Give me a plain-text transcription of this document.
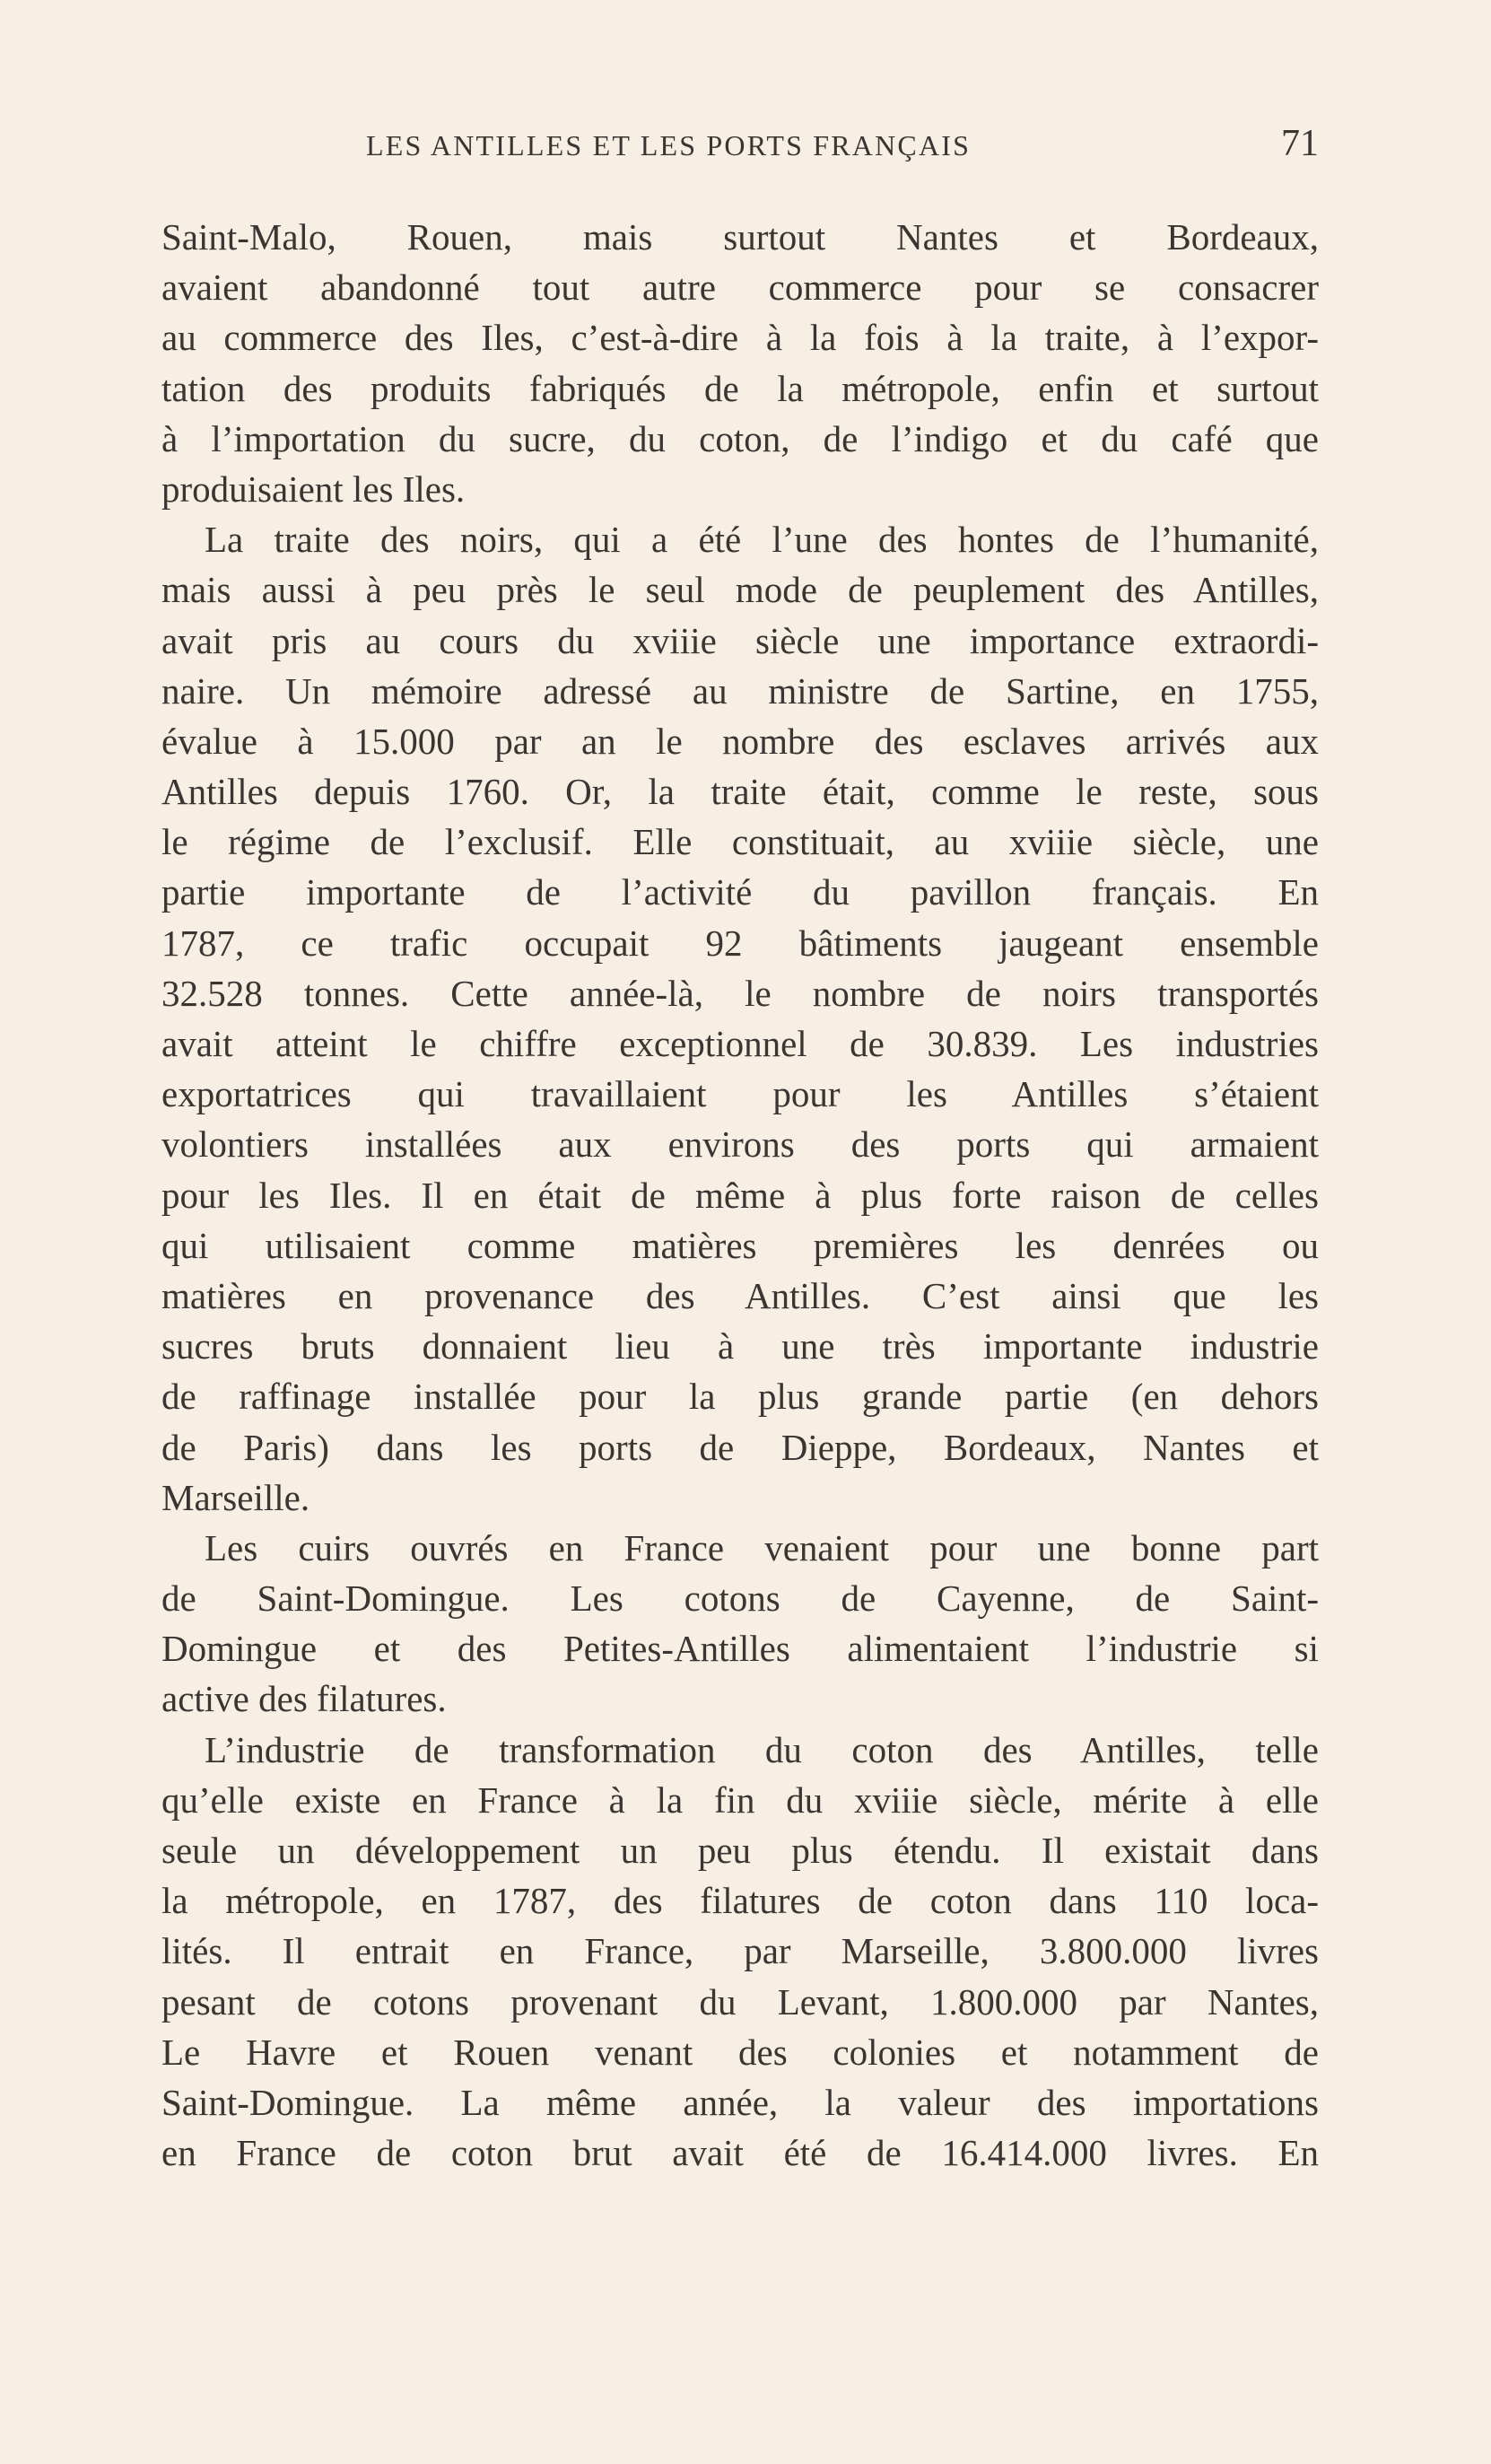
LES ANTILLES ET LES PORTS FRANÇAIS	71
Saint-Malo, Rouen, mais surtout Nantes et Bordeaux,
avaient abandonné tout autre commerce pour se consacrer
au commerce des Iles, c’est-à-dire à la fois à la traite, à l’expor-
tation des produits fabriqués de la métropole, enfin et surtout
à l’importation du sucre, du coton, de l’indigo et du café que
produisaient les Iles.
La traite des noirs, qui a été l’une des hontes de l’humanité,
mais aussi à peu près le seul mode de peuplement des Antilles,
avait pris au cours du xviiie siècle une importance extraordi-
naire. Un mémoire adressé au ministre de Sartine, en 1755,
évalue à 15.000 par an le nombre des esclaves arrivés aux
Antilles depuis 1760. Or, la traite était, comme le reste, sous
le régime de l’exclusif. Elle constituait, au xviiie siècle, une
partie importante de l’activité du pavillon français. En
1787, ce trafic occupait 92 bâtiments jaugeant ensemble
32.528 tonnes. Cette année-là, le nombre de noirs transportés
avait atteint le chiffre exceptionnel de 30.839. Les industries
exportatrices qui travaillaient pour les Antilles s’étaient
volontiers installées aux environs des ports qui armaient
pour les Iles. Il en était de même à plus forte raison de celles
qui utilisaient comme matières premières les denrées ou
matières en provenance des Antilles. C’est ainsi que les
sucres bruts donnaient lieu à une très importante industrie
de raffinage installée pour la plus grande partie (en dehors
de Paris) dans les ports de Dieppe, Bordeaux, Nantes et
Marseille.
Les cuirs ouvrés en France venaient pour une bonne part
de Saint-Domingue. Les cotons de Cayenne, de Saint-
Domingue et des Petites-Antilles alimentaient l’industrie si
active des filatures.
L’industrie de transformation du coton des Antilles, telle
qu’elle existe en France à la fin du xviiie siècle, mérite à elle
seule un développement un peu plus étendu. Il existait dans
la métropole, en 1787, des filatures de coton dans 110 loca-
lités. Il entrait en France, par Marseille, 3.800.000 livres
pesant de cotons provenant du Levant, 1.800.000 par Nantes,
Le Havre et Rouen venant des colonies et notamment de
Saint-Domingue. La même année, la valeur des importations
en France de coton brut avait été de 16.414.000 livres. En
